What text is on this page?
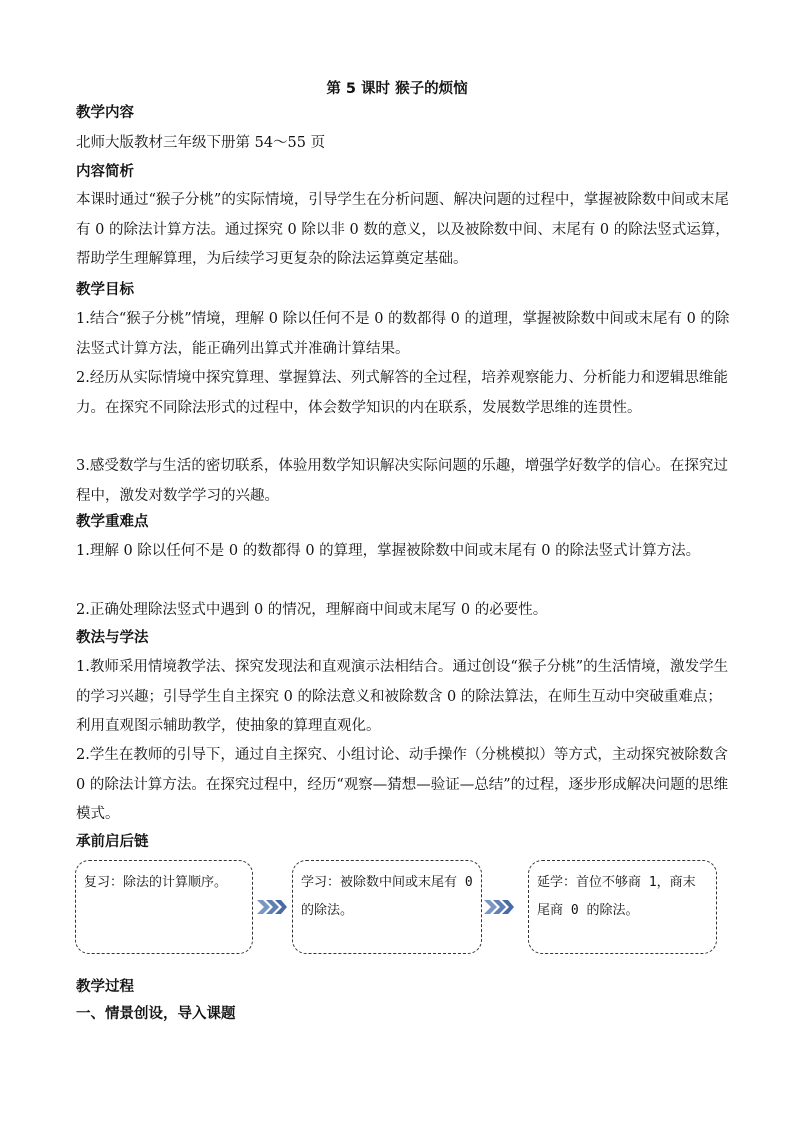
第 5 课时 猴子的烦恼
教学内容
北师大版教材三年级下册第 54～55 页
内容简析
本课时通过“猴子分桃”的实际情境，引导学生在分析问题、解决问题的过程中，掌握被除数中间或末尾有 0 的除法计算方法。通过探究 0 除以非 0 数的意义，以及被除数中间、末尾有 0 的除法竖式运算，帮助学生理解算理，为后续学习更复杂的除法运算奠定基础。
教学目标
1.结合“猴子分桃”情境，理解 0 除以任何不是 0 的数都得 0 的道理，掌握被除数中间或末尾有 0 的除法竖式计算方法，能正确列出算式并准确计算结果。
2.经历从实际情境中探究算理、掌握算法、列式解答的全过程，培养观察能力、分析能力和逻辑思维能力。在探究不同除法形式的过程中，体会数学知识的内在联系，发展数学思维的连贯性。
3.感受数学与生活的密切联系，体验用数学知识解决实际问题的乐趣，增强学好数学的信心。在探究过程中，激发对数学学习的兴趣。
教学重难点
1.理解 0 除以任何不是 0 的数都得 0 的算理，掌握被除数中间或末尾有 0 的除法竖式计算方法。
2.正确处理除法竖式中遇到 0 的情况，理解商中间或末尾写 0 的必要性。
教法与学法
1.教师采用情境教学法、探究发现法和直观演示法相结合。通过创设“猴子分桃”的生活情境，激发学生的学习兴趣；引导学生自主探究 0 的除法意义和被除数含 0 的除法算法，在师生互动中突破重难点；利用直观图示辅助教学，使抽象的算理直观化。
2.学生在教师的引导下，通过自主探究、小组讨论、动手操作（分桃模拟）等方式，主动探究被除数含 0 的除法计算方法。在探究过程中，经历“观察—猜想—验证—总结”的过程，逐步形成解决问题的思维模式。
承前启后链
复习：除法的计算顺序。	学习：被除数中间或末尾有 0 的除法。
延学：首位不够商 1，商末尾商 0 的除法。
教学过程
一、情景创设，导入课题
